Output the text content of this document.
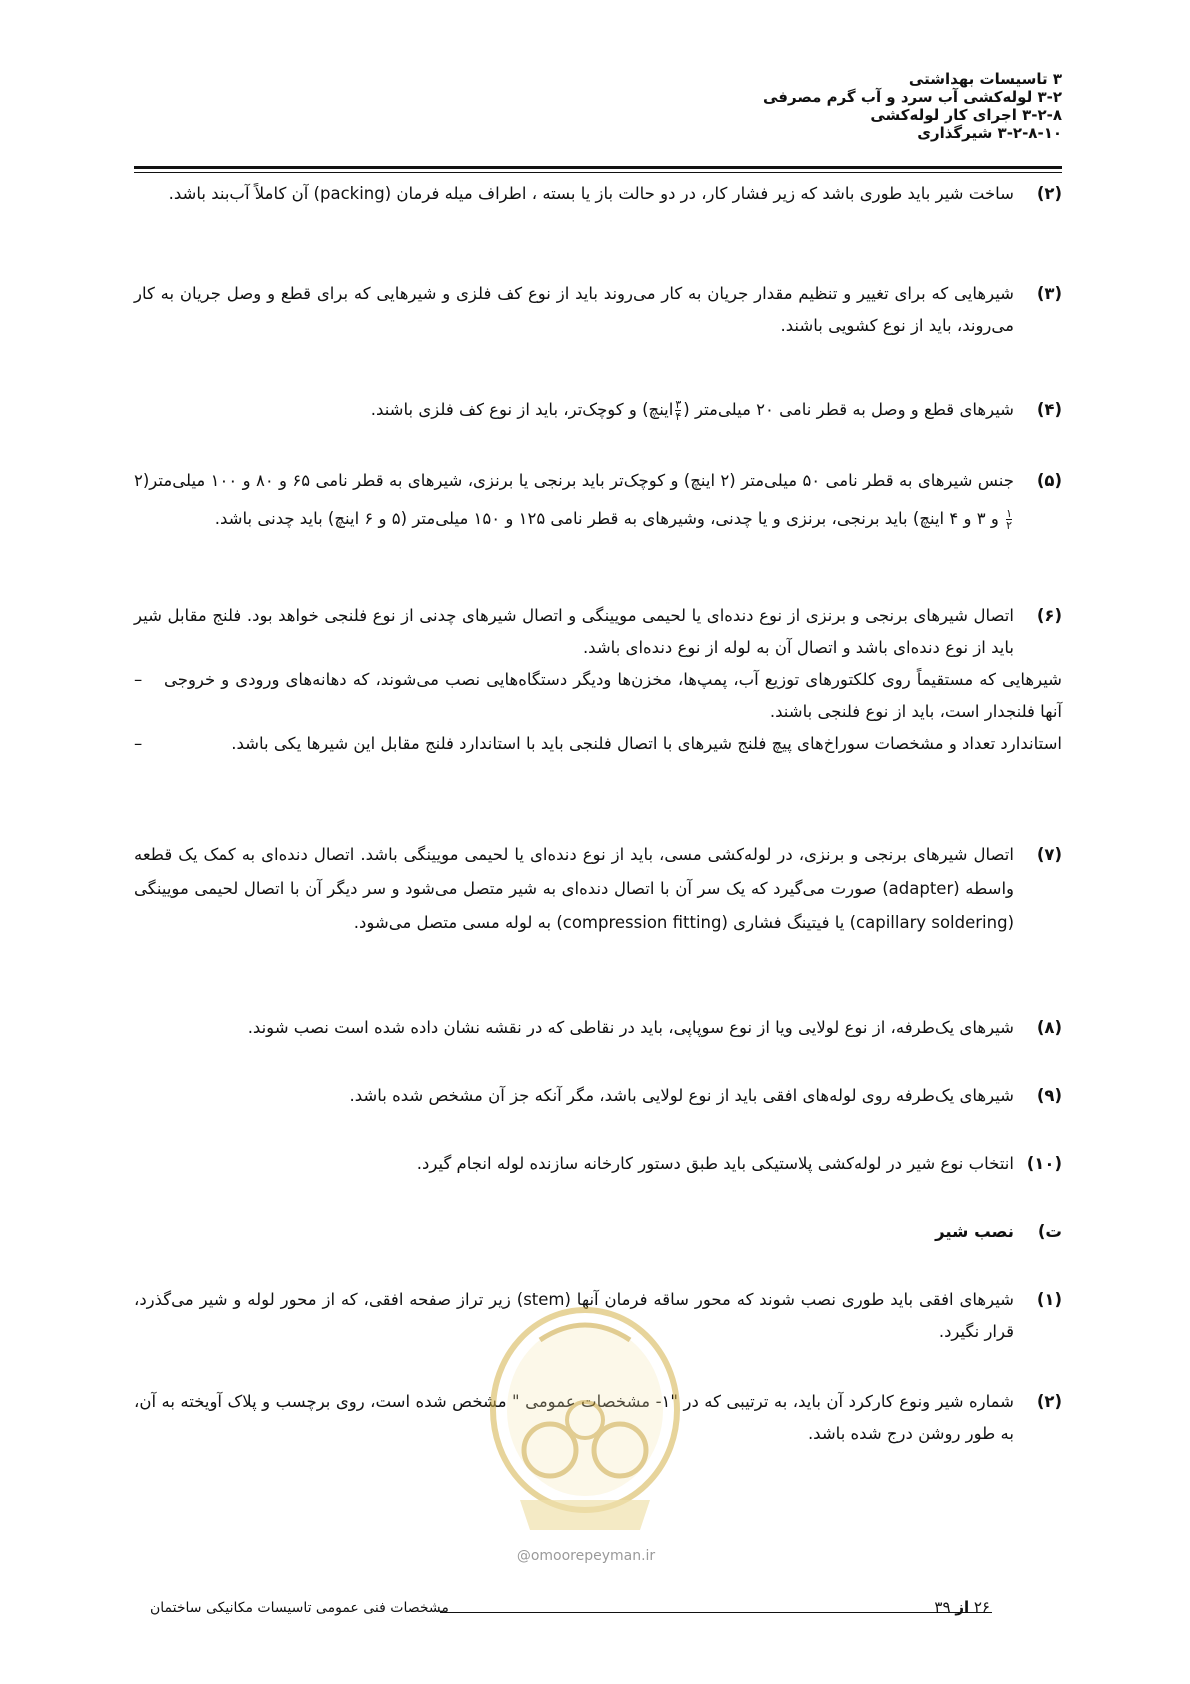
۳ تاسیسات بهداشتی
۳-۲ لوله‌کشی آب سرد و آب گرم مصرفی
۳-۲-۸ اجرای کار لوله‌کشی
۳-۲-۸-۱۰ شیرگذاری
(۲)
ساخت شیر باید طوری باشد که زیر فشار کار، در دو حالت باز یا بسته ، اطراف میله فرمان (packing) آن کاملاً آب‌بند باشد.
(۳)
شیرهایی که برای تغییر و تنظیم مقدار جریان به کار می‌روند باید از نوع کف فلزی و شیرهایی که برای قطع و وصل جریان به کار می‌روند، باید از نوع کشویی باشند.
(۴)
شیرهای قطع و وصل به قطر نامی ۲۰ میلی‌متر (
$\frac{۳}{۴}$
اینچ) و کوچک‌تر، باید از نوع کف فلزی باشند.
(۵)
جنس شیرهای به قطر نامی ۵۰ میلی‌متر (۲ اینچ) و کوچک‌تر باید برنجی یا برنزی، شیرهای به قطر نامی ۶۵ و ۸۰ و ۱۰۰ میلی‌متر(۲
$\frac{۱}{۲}$
و ۳ و ۴ اینچ) باید برنجی، برنزی و یا چدنی، وشیرهای به قطر نامی ۱۲۵ و ۱۵۰ میلی‌متر (۵ و ۶ اینچ) باید چدنی باشد.
(۶)
اتصال شیرهای برنجی و برنزی از نوع دنده‌ای یا لحیمی مویینگی و اتصال شیرهای چدنی از نوع فلنجی خواهد بود. فلنج مقابل شیر باید از نوع دنده‌ای باشد و اتصال آن به لوله از نوع دنده‌ای باشد.
– شیرهایی که مستقیماً روی کلکتورهای توزیع آب، پمپ‌ها، مخزن‌ها ودیگر دستگاه‌هایی نصب می‌شوند، که دهانه‌های ورودی و خروجی آنها فلنجدار است، باید از نوع فلنجی باشند.
–	استاندارد تعداد و مشخصات سوراخ‌های پیچ فلنج شیرهای با اتصال فلنجی باید با استاندارد فلنج مقابل این شیرها یکی باشد.
(۷)
اتصال شیرهای برنجی و برنزی، در لوله‌کشی مسی، باید از نوع دنده‌ای یا لحیمی مویینگی باشد. اتصال دنده‌ای به کمک یک قطعه واسطه (adapter) صورت می‌گیرد که یک سر آن با اتصال دنده‌ای به شیر متصل می‌شود و سر دیگر آن با اتصال لحیمی مویینگی (capillary soldering) یا فیتینگ فشاری (compression fitting) به لوله مسی متصل می‌شود.
(۸)
شیرهای یک‌طرفه، از نوع لولایی ویا از نوع سوپاپی، باید در نقاطی که در نقشه نشان داده شده است نصب شوند.
(۹)
شیرهای یک‌طرفه روی لوله‌های افقی باید از نوع لولایی باشد، مگر آنکه جز آن مشخص شده باشد.
(۱۰)
انتخاب نوع شیر در لوله‌کشی پلاستیکی باید طبق دستور کارخانه سازنده لوله انجام گیرد.
ت)
نصب شیر
(۱)
شیرهای افقی باید طوری نصب شوند که محور ساقه فرمان آنها (stem) زیر تراز صفحه افقی، که از محور لوله و شیر می‌گذرد، قرار نگیرد.
(۲)
شماره شیر ونوع کارکرد آن باید، به ترتیبی که در "۱- مشخصات عمومی " مشخص شده است، روی برچسب و پلاک آویخته به آن، به طور روشن درج شده باشد.
@omoorepeyman.ir
مشخصات فنی عمومی تاسیسات مکانیکی ساختمان	۲۶ از ۳۹
